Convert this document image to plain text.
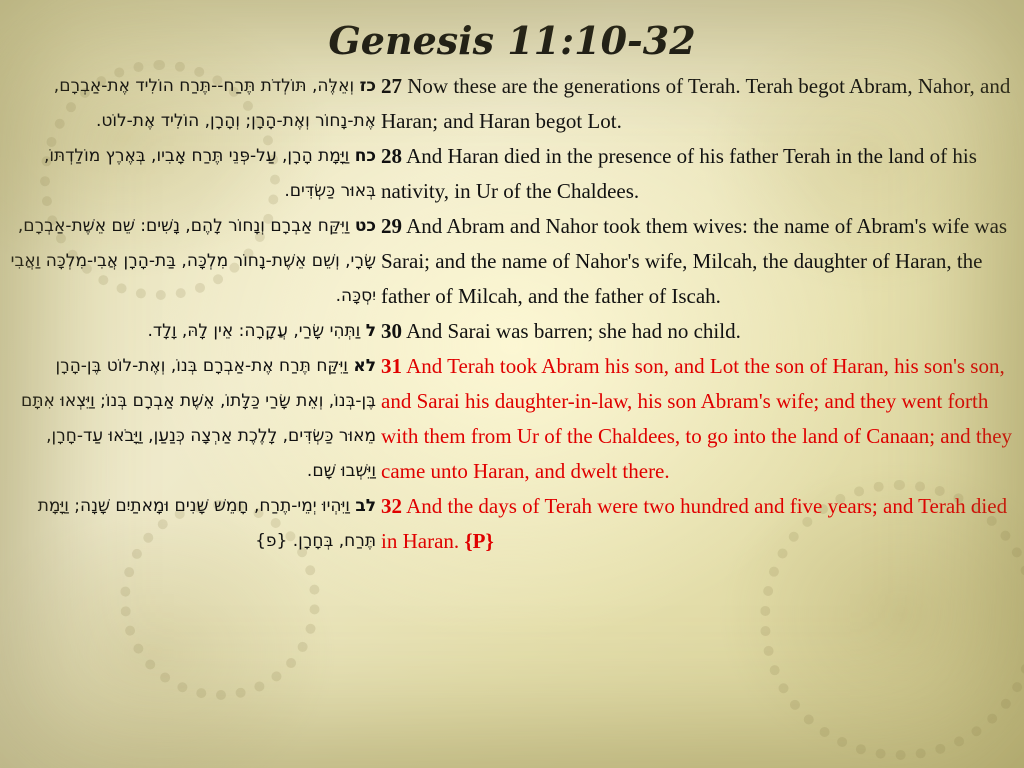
Genesis 11:10-32

כז וְאֵלֶּה, תּוֹלְדֹת תֶּרַח--תֶּרַח הוֹלִיד אֶת-אַבְרָם, אֶת-נָחוֹר וְאֶת-הָרָן; וְהָרָן, הוֹלִיד אֶת-לוֹט.

כח וַיָּמָת הָרָן, עַל-פְּנֵי תֶּרַח אָבִיו, בְּאֶרֶץ מוֹלַדְתּוֹ, בְּאוּר כַּשְׂדִּים.

כט וַיִּקַּח אַבְרָם וְנָחוֹר לָהֶם, נָשִׁים: שֵׁם אֵשֶׁת-אַבְרָם, שָׂרָי, וְשֵׁם אֵשֶׁת-נָחוֹר מִלְכָּה, בַּת-הָרָן אֲבִי-מִלְכָּה וַאֲבִי יִסְכָּה.

ל וַתְּהִי שָׂרַי, עֲקָרָה: אֵין לָהּ, וָלָד.

לא וַיִּקַּח תֶּרַח אֶת-אַבְרָם בְּנוֹ, וְאֶת-לוֹט בֶּן-הָרָן בֶּן-בְּנוֹ, וְאֵת שָׂרַי כַּלָּתוֹ, אֵשֶׁת אַבְרָם בְּנוֹ; וַיֵּצְאוּ אִתָּם מֵאוּר כַּשְׂדִּים, לָלֶכֶת אַרְצָה כְּנַעַן, וַיָּבֹאוּ עַד-חָרָן, וַיֵּשְׁבוּ שָׁם.

לב וַיִּהְיוּ יְמֵי-תֶרַח, חָמֵשׁ שָׁנִים וּמָאתַיִם שָׁנָה; וַיָּמָת תֶּרַח, בְּחָרָן. {פ}

27 Now these are the generations of Terah. Terah begot Abram, Nahor, and Haran; and Haran begot Lot.

28 And Haran died in the presence of his father Terah in the land of his nativity, in Ur of the Chaldees.

29 And Abram and Nahor took them wives: the name of Abram's wife was Sarai; and the name of Nahor's wife, Milcah, the daughter of Haran, the father of Milcah, and the father of Iscah.

30 And Sarai was barren; she had no child.

31 And Terah took Abram his son, and Lot the son of Haran, his son's son, and Sarai his daughter-in-law, his son Abram's wife; and they went forth with them from Ur of the Chaldees, to go into the land of Canaan; and they came unto Haran, and dwelt there.

32 And the days of Terah were two hundred and five years; and Terah died in Haran. {P}
